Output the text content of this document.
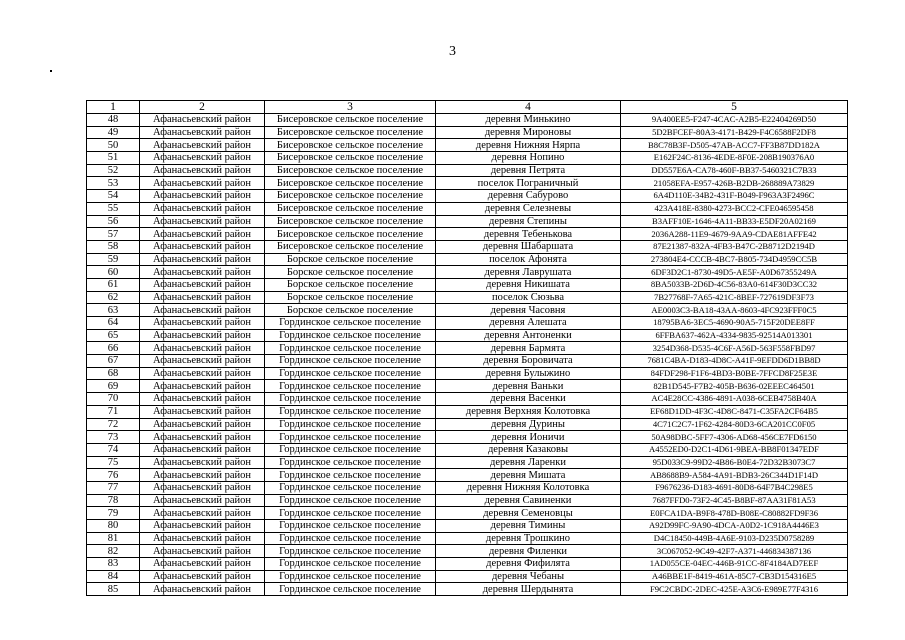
3
1	2	3	4	5
48	Афанасьевский район	Бисеровское сельское поселение	деревня Минькино	9A400EE5-F247-4CAC-A2B5-E22404269D50
49	Афанасьевский район	Бисеровское сельское поселение	деревня Мироновы	5D2BFCEF-80A3-4171-B429-F4C6588F2DF8
50	Афанасьевский район	Бисеровское сельское поселение	деревня Нижняя Нярпа	B8C78B3F-D505-47AB-ACC7-FF3B87DD182A
51	Афанасьевский район	Бисеровское сельское поселение	деревня Нопино	E162F24C-8136-4EDE-8F0E-208B190376A0
52	Афанасьевский район	Бисеровское сельское поселение	деревня Петрята	DD557E6A-CA78-460F-BB37-5460321C7B33
53	Афанасьевский район	Бисеровское сельское поселение	поселок Пограничный	21058EFA-E957-426B-B2DB-268889A73829
54	Афанасьевский район	Бисеровское сельское поселение	деревня Сабурово	6A4D110E-34B2-431F-B049-F963A3F2496C
55	Афанасьевский район	Бисеровское сельское поселение	деревня Селезневы	423A418E-8380-4273-BCC2-CFE046595458
56	Афанасьевский район	Бисеровское сельское поселение	деревня Степины	B3AFF10E-1646-4A11-BB33-E5DF20A02169
57	Афанасьевский район	Бисеровское сельское поселение	деревня Тебенькова	2036A288-11E9-4679-9AA9-CDAE81AFFE42
58	Афанасьевский район	Бисеровское сельское поселение	деревня Шабаршата	87E21387-832A-4FB3-B47C-2B8712D2194D
59	Афанасьевский район	Борское сельское поселение	поселок Афонята	273804E4-CCCB-4BC7-B805-734D4959CC5B
60	Афанасьевский район	Борское сельское поселение	деревня Лаврушата	6DF3D2C1-8730-49D5-AE5F-A0D67355249A
61	Афанасьевский район	Борское сельское поселение	деревня Никишата	8BA5033B-2D6D-4C56-83A0-614F30D3CC32
62	Афанасьевский район	Борское сельское поселение	поселок Сюзьва	7B27768F-7A65-421C-8BEF-727619DF3F73
63	Афанасьевский район	Борское сельское поселение	деревня Часовня	AE0003C3-BA18-43AA-8603-4FC923FFF0C5
64	Афанасьевский район	Гординское сельское поселение	деревня Алешата	18795BA6-3EC5-4690-90A5-715F20DEE8FF
65	Афанасьевский район	Гординское сельское поселение	деревня Антоненки	6FFBA637-462A-4334-9835-92514A013301
66	Афанасьевский район	Гординское сельское поселение	деревня Бармята	3254D368-D535-4C6F-A56D-563F558FBD97
67	Афанасьевский район	Гординское сельское поселение	деревня Боровичата	7681C4BA-D183-4D8C-A41F-9EFDD6D1BB8D
68	Афанасьевский район	Гординское сельское поселение	деревня Булыжино	84FDF298-F1F6-4BD3-B0BE-7FFCD8F25E3E
69	Афанасьевский район	Гординское сельское поселение	деревня Ваньки	82B1D545-F7B2-405B-B636-02EEEC464501
70	Афанасьевский район	Гординское сельское поселение	деревня Васенки	AC4E28CC-4386-4891-A038-6CEB4758B40A
71	Афанасьевский район	Гординское сельское поселение	деревня Верхняя Колотовка	EF68D1DD-4F3C-4D8C-8471-C35FA2CF64B5
72	Афанасьевский район	Гординское сельское поселение	деревня Дурины	4C71C2C7-1F62-4284-80D3-6CA201CC0F05
73	Афанасьевский район	Гординское сельское поселение	деревня Ионичи	50A98DBC-5FF7-4306-AD68-456CE7FD6150
74	Афанасьевский район	Гординское сельское поселение	деревня Казаковы	A4552ED0-D2C1-4D61-9BEA-BB8F01347EDF
75	Афанасьевский район	Гординское сельское поселение	деревня Ларенки	95D033C9-99D2-4B86-B0E4-72D32B3073C7
76	Афанасьевский район	Гординское сельское поселение	деревня Мишата	AB8688B9-A584-4A91-BDB3-26C344D1F14D
77	Афанасьевский район	Гординское сельское поселение	деревня Нижняя Колотовка	F9676236-D183-4691-80D8-64F7B4C298E5
78	Афанасьевский район	Гординское сельское поселение	деревня Савиненки	7687FFD0-73F2-4C45-B8BF-87AA31F81A53
79	Афанасьевский район	Гординское сельское поселение	деревня Семеновцы	E0FCA1DA-B9F8-478D-B08E-C80882FD9F36
80	Афанасьевский район	Гординское сельское поселение	деревня Тимины	A92D99FC-9A90-4DCA-A0D2-1C918A4446E3
81	Афанасьевский район	Гординское сельское поселение	деревня Трошкино	D4C18450-449B-4A6E-9103-D235D0758289
82	Афанасьевский район	Гординское сельское поселение	деревня Филенки	3C067052-9C49-42F7-A371-446834387136
83	Афанасьевский район	Гординское сельское поселение	деревня Фифилята	1AD055CE-04EC-446B-91CC-8F4184AD7EEF
84	Афанасьевский район	Гординское сельское поселение	деревня Чебаны	A46BBE1F-8419-461A-85C7-CB3D154316E5
85	Афанасьевский район	Гординское сельское поселение	деревня Шердынята	F9C2CBDC-2DEC-425E-A3C6-E989E77F4316
